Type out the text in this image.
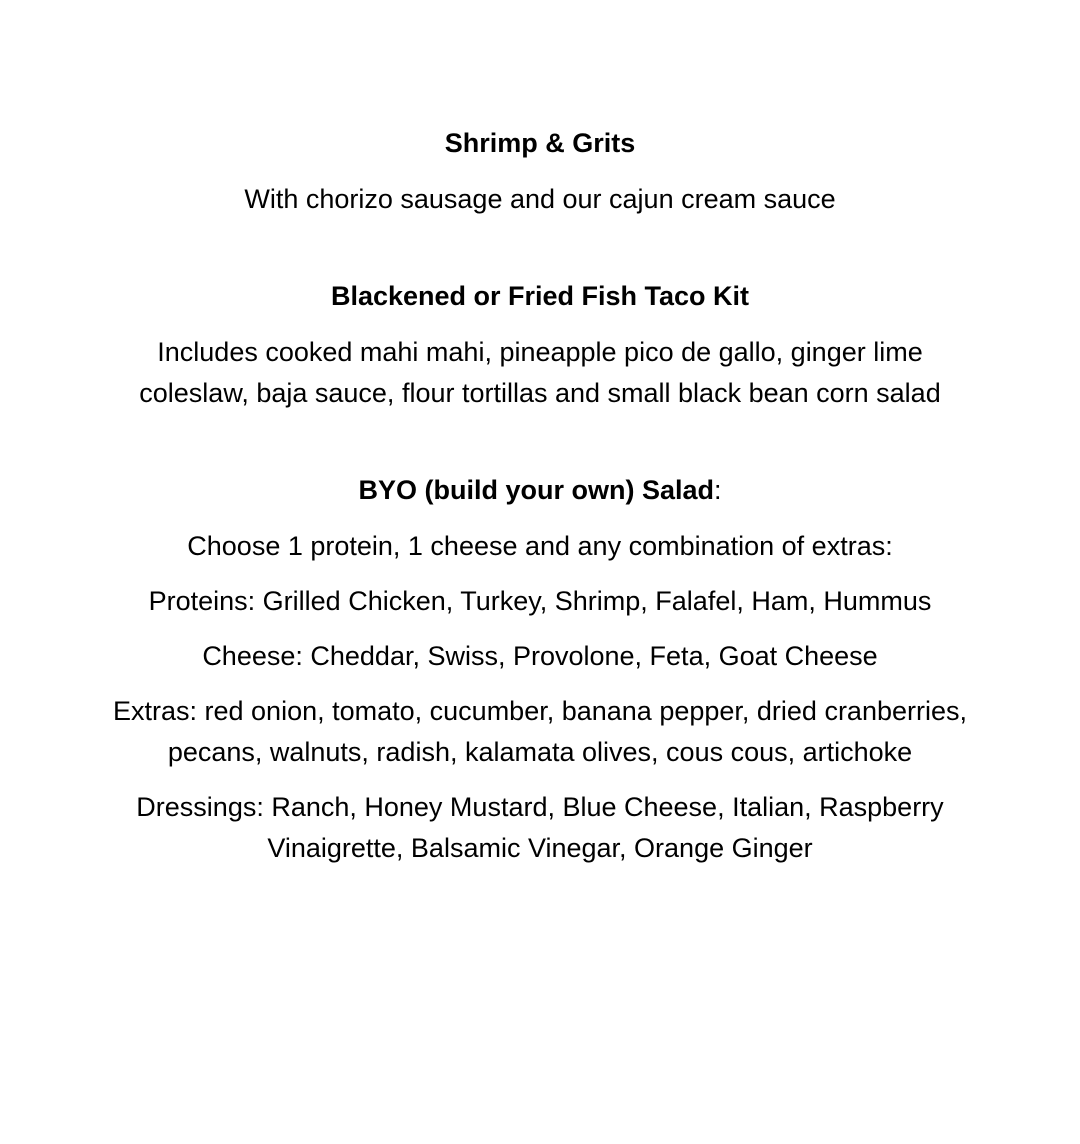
Shrimp & Grits

With chorizo sausage and our cajun cream sauce

Blackened or Fried Fish Taco Kit

Includes cooked mahi mahi, pineapple pico de gallo, ginger lime coleslaw, baja sauce, flour tortillas and small black bean corn salad

BYO (build your own) Salad:

Choose 1 protein, 1 cheese and any combination of extras:

Proteins: Grilled Chicken, Turkey, Shrimp, Falafel, Ham, Hummus

Cheese: Cheddar, Swiss, Provolone, Feta, Goat Cheese

Extras: red onion, tomato, cucumber, banana pepper, dried cranberries, pecans, walnuts, radish, kalamata olives, cous cous, artichoke

Dressings: Ranch, Honey Mustard, Blue Cheese, Italian, Raspberry Vinaigrette, Balsamic Vinegar, Orange Ginger
